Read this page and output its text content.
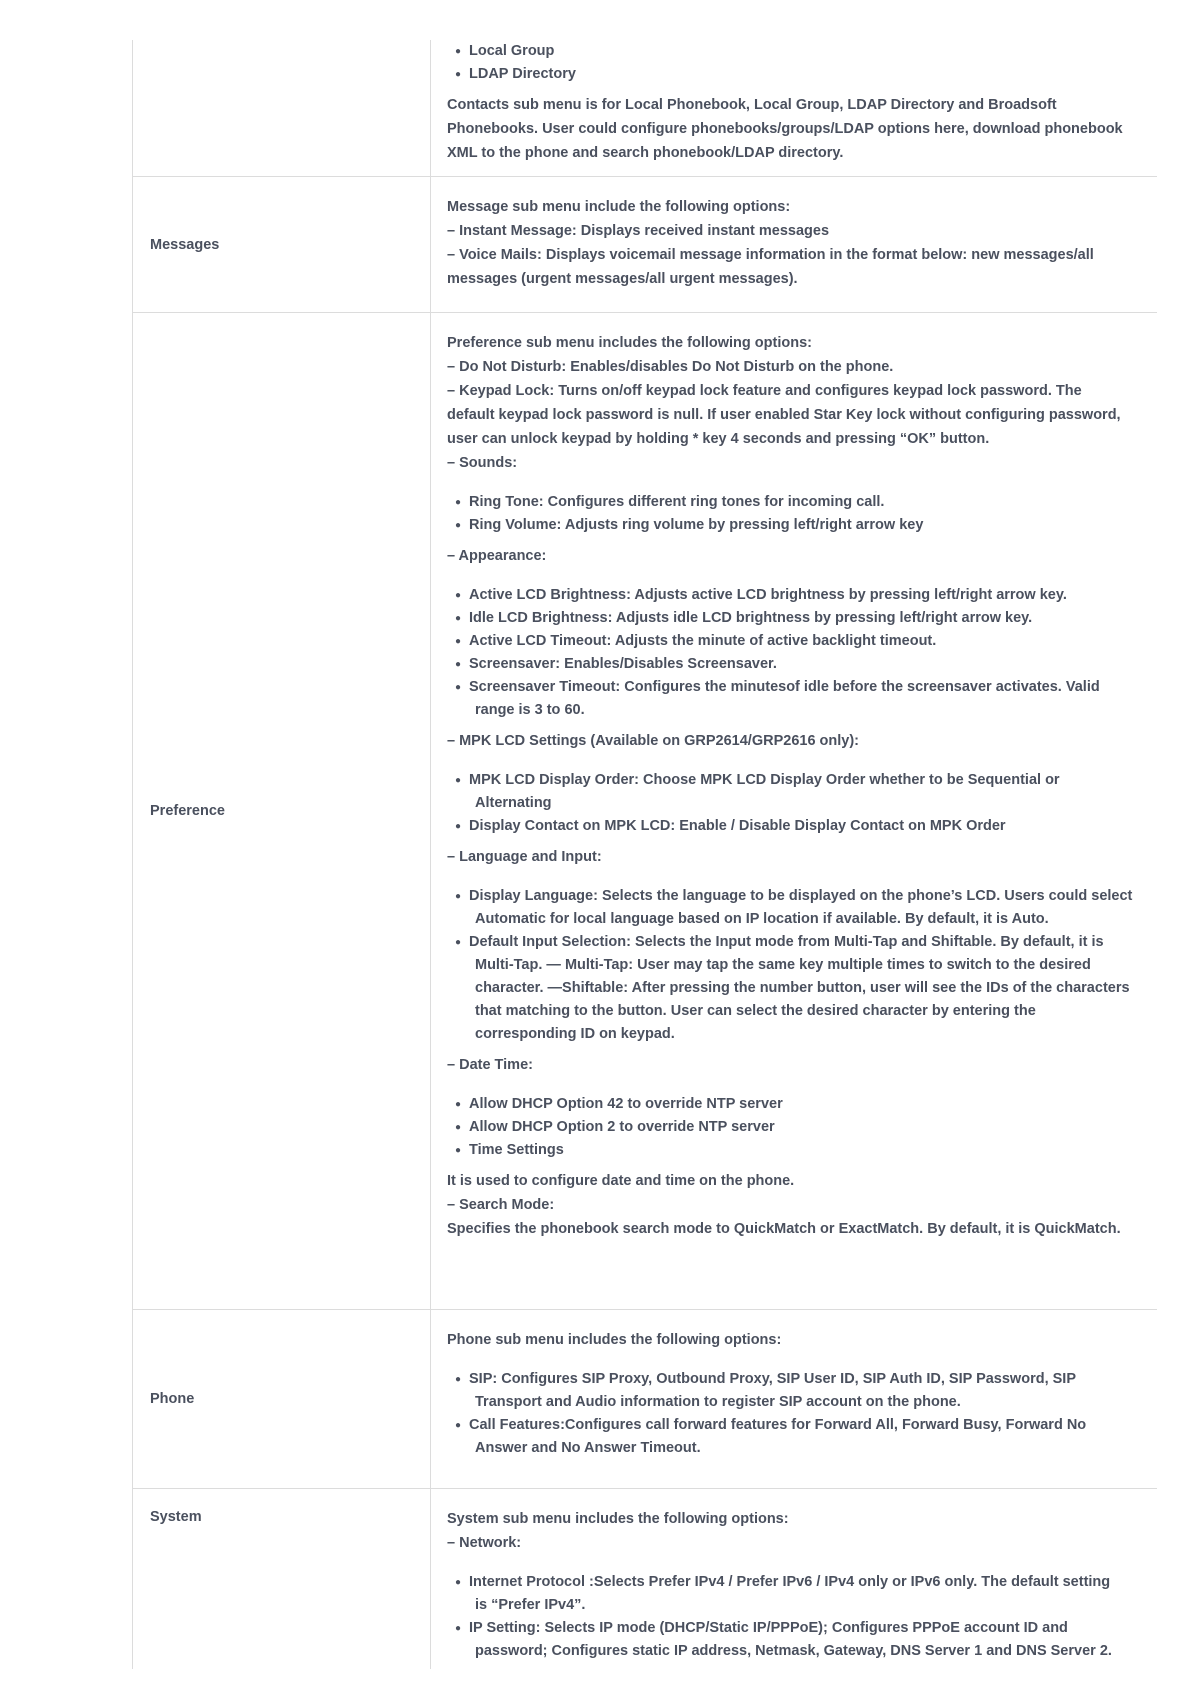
● Local Group
● LDAP Directory

Contacts sub menu is for Local Phonebook, Local Group, LDAP Directory and Broadsoft

Phonebooks. User could configure phonebooks/groups/LDAP options here, download phonebook

XML to the phone and search phonebook/LDAP directory.

Messages

Message sub menu include the following options:

– Instant Message: Displays received instant messages

– Voice Mails: Displays voicemail message information in the format below: new messages/all

messages (urgent messages/all urgent messages).

Preference

Preference sub menu includes the following options:

– Do Not Disturb: Enables/disables Do Not Disturb on the phone.

– Keypad Lock: Turns on/off keypad lock feature and configures keypad lock password. The

default keypad lock password is null. If user enabled Star Key lock without configuring password,

user can unlock keypad by holding * key 4 seconds and pressing “OK” button.

– Sounds:

● Ring Tone: Configures different ring tones for incoming call.
● Ring Volume: Adjusts ring volume by pressing left/right arrow key

– Appearance:

● Active LCD Brightness: Adjusts active LCD brightness by pressing left/right arrow key.
● Idle LCD Brightness: Adjusts idle LCD brightness by pressing left/right arrow key.
● Active LCD Timeout: Adjusts the minute of active backlight timeout.
● Screensaver: Enables/Disables Screensaver.
● Screensaver Timeout: Configures the minutesof idle before the screensaver activates. Valid
range is 3 to 60.

– MPK LCD Settings (Available on GRP2614/GRP2616 only):

● MPK LCD Display Order: Choose MPK LCD Display Order whether to be Sequential or
Alternating
● Display Contact on MPK LCD: Enable / Disable Display Contact on MPK Order

– Language and Input:

● Display Language: Selects the language to be displayed on the phone’s LCD. Users could select
Automatic for local language based on IP location if available. By default, it is Auto.
● Default Input Selection: Selects the Input mode from Multi-Tap and Shiftable. By default, it is
Multi-Tap. — Multi-Tap: User may tap the same key multiple times to switch to the desired
character. —Shiftable: After pressing the number button, user will see the IDs of the characters
that matching to the button. User can select the desired character by entering the
corresponding ID on keypad.

– Date Time:

● Allow DHCP Option 42 to override NTP server
● Allow DHCP Option 2 to override NTP server
● Time Settings

It is used to configure date and time on the phone.

– Search Mode:

Specifies the phonebook search mode to QuickMatch or ExactMatch. By default, it is QuickMatch.

Phone

Phone sub menu includes the following options:

● SIP: Configures SIP Proxy, Outbound Proxy, SIP User ID, SIP Auth ID, SIP Password, SIP
Transport and Audio information to register SIP account on the phone.
● Call Features:Configures call forward features for Forward All, Forward Busy, Forward No
Answer and No Answer Timeout.
System	System sub menu includes the following options:

– Network:

● Internet Protocol :Selects Prefer IPv4 / Prefer IPv6 / IPv4 only or IPv6 only. The default setting
is “Prefer IPv4”.
● IP Setting: Selects IP mode (DHCP/Static IP/PPPoE); Configures PPPoE account ID and
password; Configures static IP address, Netmask, Gateway, DNS Server 1 and DNS Server 2.
